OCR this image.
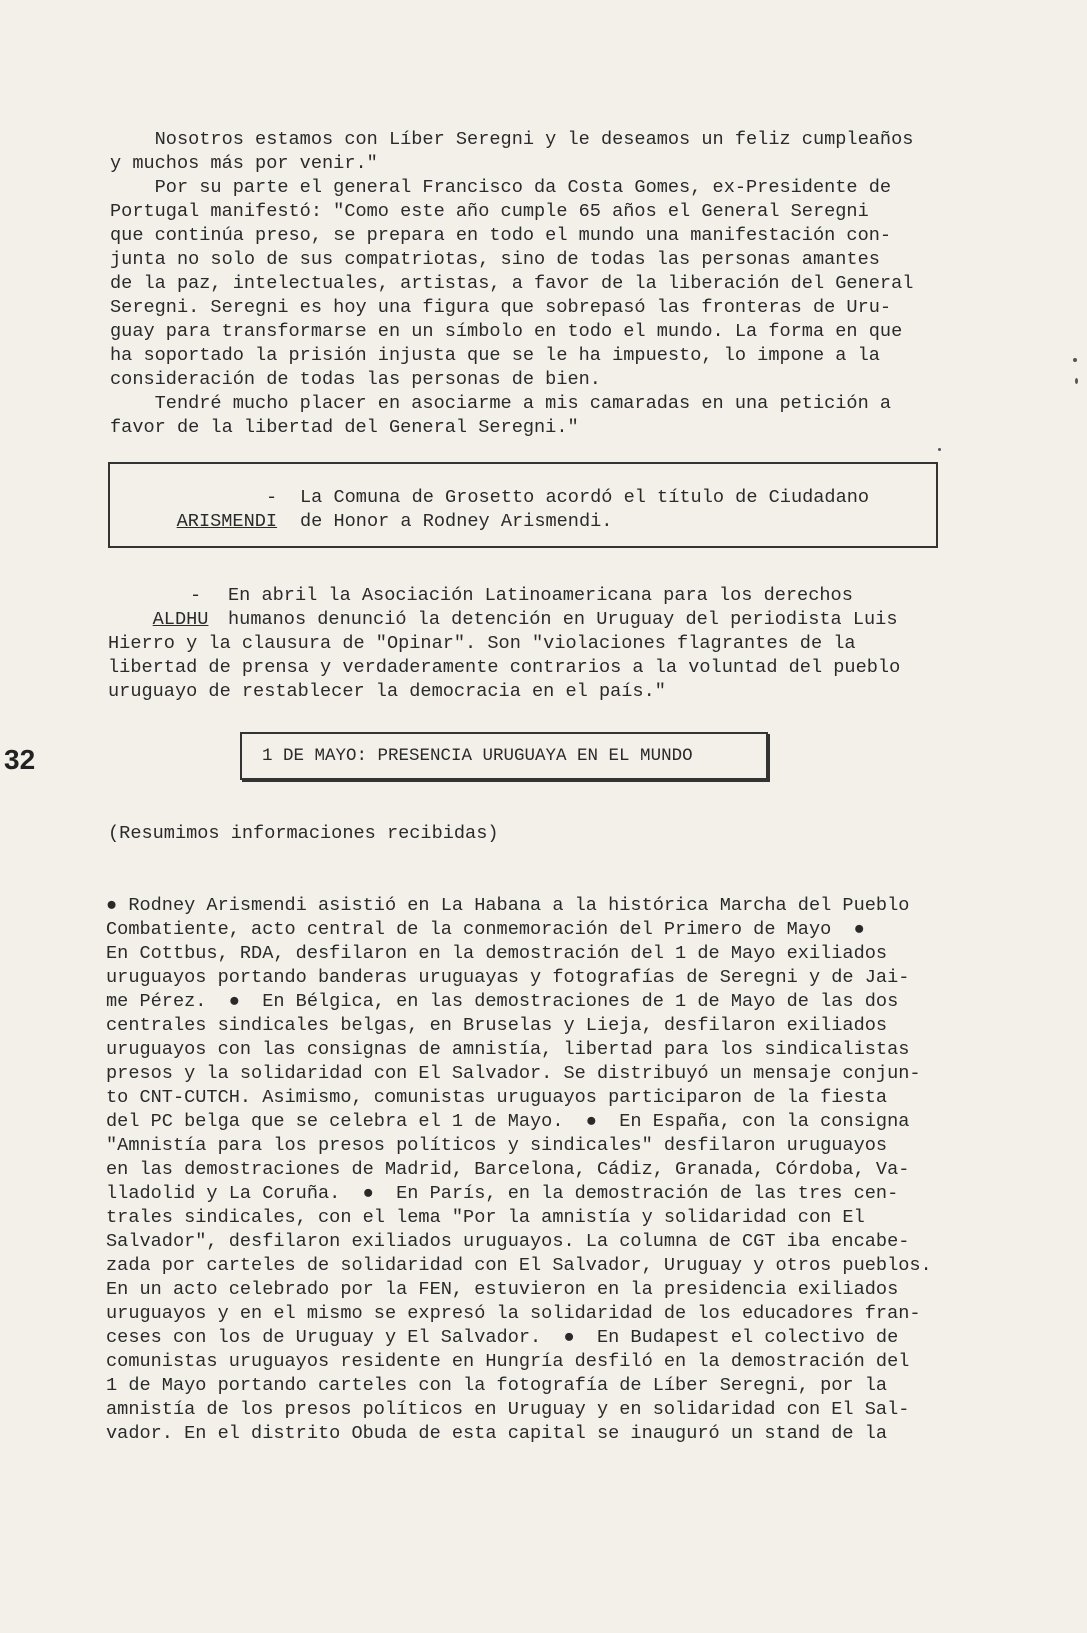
Nosotros estamos con Líber Seregni y le deseamos un feliz cumpleaños
y muchos más por venir."
Por su parte el general Francisco da Costa Gomes, ex-Presidente de
Portugal manifestó: "Como este año cumple 65 años el General Seregni
que continúa preso, se prepara en todo el mundo una manifestación con-
junta no solo de sus compatriotas, sino de todas las personas amantes
de la paz, intelectuales, artistas, a favor de la liberación del General
Seregni. Seregni es hoy una figura que sobrepasó las fronteras de Uru-
guay para transformarse en un símbolo en todo el mundo. La forma en que
ha soportado la prisión injusta que se le ha impuesto, lo impone a la
consideración de todas las personas de bien.
Tendré mucho placer en asociarme a mis camaradas en una petición a
favor de la libertad del General Seregni."

ARISMENDI

- La Comuna de Grosetto acordó el título de Ciudadano
de Honor a Rodney Arismendi.

ALDHU

- En abril la Asociación Latinoamericana para los derechos
humanos denunció la detención en Uruguay del periodista Luis
Hierro y la clausura de "Opinar". Son "violaciones flagrantes de la
libertad de prensa y verdaderamente contrarios a la voluntad del pueblo
uruguayo de restablecer la democracia en el país."
32	1 DE MAYO: PRESENCIA URUGUAYA EN EL MUNDO
(Resumimos informaciones recibidas)
● Rodney Arismendi asistió en La Habana a la histórica Marcha del Pueblo
Combatiente, acto central de la conmemoración del Primero de Mayo  ●
En Cottbus, RDA, desfilaron en la demostración del 1 de Mayo exiliados
uruguayos portando banderas uruguayas y fotografías de Seregni y de Jai-
me Pérez.  ●  En Bélgica, en las demostraciones de 1 de Mayo de las dos
centrales sindicales belgas, en Bruselas y Lieja, desfilaron exiliados
uruguayos con las consignas de amnistía, libertad para los sindicalistas
presos y la solidaridad con El Salvador. Se distribuyó un mensaje conjun-
to CNT-CUTCH. Asimismo, comunistas uruguayos participaron de la fiesta
del PC belga que se celebra el 1 de Mayo.  ●  En España, con la consigna
"Amnistía para los presos políticos y sindicales" desfilaron uruguayos
en las demostraciones de Madrid, Barcelona, Cádiz, Granada, Córdoba, Va-
lladolid y La Coruña.  ●  En París, en la demostración de las tres cen-
trales sindicales, con el lema "Por la amnistía y solidaridad con El
Salvador", desfilaron exiliados uruguayos. La columna de CGT iba encabe-
zada por carteles de solidaridad con El Salvador, Uruguay y otros pueblos.
En un acto celebrado por la FEN, estuvieron en la presidencia exiliados
uruguayos y en el mismo se expresó la solidaridad de los educadores fran-
ceses con los de Uruguay y El Salvador.  ●  En Budapest el colectivo de
comunistas uruguayos residente en Hungría desfiló en la demostración del
1 de Mayo portando carteles con la fotografía de Líber Seregni, por la
amnistía de los presos políticos en Uruguay y en solidaridad con El Sal-
vador. En el distrito Obuda de esta capital se inauguró un stand de la
